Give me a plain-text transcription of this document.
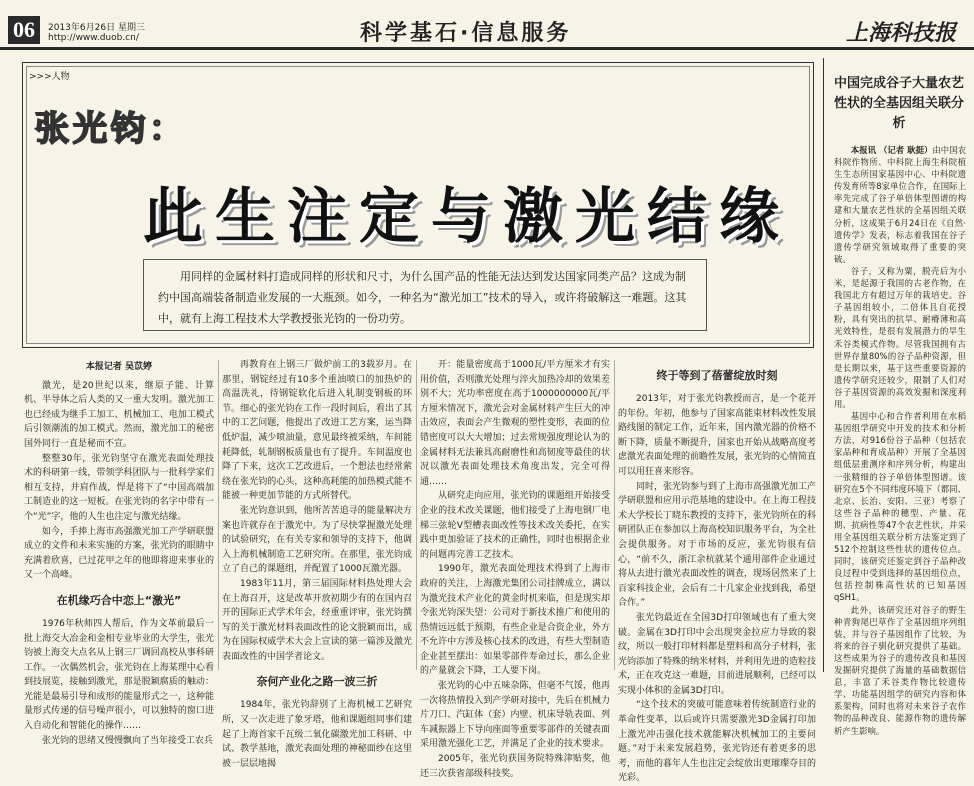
06	2013年6月26日 星期三
http://www.duob.cn/	科学基石·信息服务	上海科技报
>>>人物
张光钧：
此生注定与激光结缘
用同样的金属材料打造成同样的形状和尺寸，为什么国产品的性能无法达到发达国家同类产品？这成为制约中国高端装备制造业发展的一大瓶颈。如今，一种名为“激光加工”技术的导入，或许将破解这一难题。这其中，就有上海工程技术大学教授张光钧的一份功劳。
本报记者 吴苡婷

激光，是20世纪以来，继原子能、计算机、半导体之后人类的又一重大发明。激光加工也已经成为继手工加工、机械加工、电加工模式后引领潮流的加工模式。然而，激光加工的秘密国外同行一直是秘而不宣。

整整30年，张光钧坚守在激光表面处理技术的科研第一线，带领学科团队与一批科学家们相互支持，并肩作战，悍是将下了“中国高端加工制造业的这一短板。在张光钧的名字中带有一个“光”字，他的人生也注定与激光结缘。

如今，手捧上海市高强激光加工产学研联盟成立的文件和未来实施的方案，张光钧的眼睛中充满着欣喜，已过花甲之年的他即将迎来事业的又一个高峰。

在机缘巧合中恋上“激光”

1976年秋师四人帮后，作为文革前最后一批上海交大冶金和金相专业毕业的大学生，张光钧被上海交大点名从上钢三厂调回高校从事科研工作。一次偶然机会，张光钧在上海某理中心看到技展览，接触到激光，那是脱颖腐质的触动：光能是最易引导和成形的能量形式之一，这种能量形式传递的信号噪声很小，可以独特的窗口进入自动化和智能化的操作……

张光钧的思绪又慢慢飘向了当年接受工农兵

再教育在上钢三厂做炉前工的3载岁月。在那里，钢锭经过有10多个重油喷口的加热炉的高温洗礼，待钢锭软化后进入轧制变钢板的环节。细心的张光钧在工作一段时间后，看出了其中的工艺问题，他提出了改进工艺方案，运当降低炉温，减少喷油量，意见最终被采纳，车间能耗降低，轧制钢板质量也有了提升。车间温度也降了下来，这次工艺改进后，一个想法也经常萦绕在张光钧的心头，这种高耗能的加热模式能不能被一种更加节能的方式所替代。

张光钧意识到，他所苦苦追寻的能量解决方案也许就存在于激光中。为了尽快掌握激光处理的试验研究，在有关专家和领导的支持下，他调入上海机械制造工艺研究所。在那里，张光钧成立了自己的课题组，并配置了1000瓦激光器。

1983年11月，第三届国际材料热处理大会在上海召开，这是改革开放初期少有的在国内召开的国际正式学术年会，经重重评审，张光钧撰写的关于激光材料表面改性的论文脱颖而出，成为在国际权威学术大会上宣读的第一篇涉及激光表面改性的中国学者论文。

奈何产业化之路一波三折

1984年，张光钧辞别了上海机械工艺研究所，又一次走进了象牙塔，他和课题组同事们建起了上海首家千瓦级二氧化碳激光加工科研、中试、教学基地，激光表面处理的神秘面纱在这里被一层层地揭

开：能量密度高于1000瓦/平方厘米才有实用价值，否则激光处理与淬火加热冷却的效果差别不大；光功率密度在高于1000000000瓦/平方厘米情况下，激光会对金属材料产生巨大的冲击效应，表面会产生微观的塑性变形，表面的位错密度可以大大增加；过去常规强度理论认为的金属材料无法兼具高耐磨性和高韧度等最佳的状况以激光表面处理技术角度出发，完全可得通……

从研究走向应用，张光钧的课题组开始接受企业的技术改关课题，他们接受了上海电钢厂电梯三弦轮V型槽表面改性等技术改关委托，在实践中更加验证了技术的正确性，同时也根据企业的问题再完善工艺技术。

1990年，激光表面处理技术得到了上海市政府的关注，上海激光集团公司挂牌成立，满以为激光技术产业化的黄金时机来临，但是现实却令张光钧深失望：公司对于新技术推广和使用的热情远远低于预期，有些企业是合资企业，外方不允许中方涉及核心技术的改进，有些大型制造企业甚至摆出：如果零部件寿命过长，那么企业的产量就会下降，工人要下岗。

张光钧的心中五味杂陈，但毫不气馁，他再一次将热情投入到产学研对接中，先后在机械力片刀口、汽缸体（套）内壁、机床导轨表面、列车减振器上下导向座面等重要零部件的关键表面采用激光强化工艺，并满足了企业的技术要求。

2005年，张光钧获国务院特殊津贴奖，他还三次获省部级科技奖。

终于等到了蓓蕾绽放时刻

2013年，对于张光钧教授而言，是一个花开的年份。年初，他参与了国家高能束材料改性发展路线图的制定工作，近年来，国内激光器的价格不断下降，质量不断提升，国家也开始从战略高度考虑激光表面处理的前瞻性发展，张光钧的心情简直可以用狂喜来形容。

同时，张光钧参与到了上海市高强激光加工产学研联盟和应用示范基地的建设中。在上海工程技术大学校长丁晓东教授的支持下，张光钧所在的科研团队正在参加以上海高校知识服务平台，为全社会提供服务。对于市场的反应，张光钧很有信心，“前不久，浙江余杭就某个通用部件企业通过将从去进行激光表面改性的调查，现场居然来了上百家科技企业，会后有二十几家企业找到我，希望合作。”

张光钧最近在全国3D打印领域也有了重大突破。金属在3D打印中会出现突金拉应力导致的裂纹，所以一般打印材料都是塑料和高分子材料，张光钧添加了特殊的纳米材料，并利用先进的造粒技术，正在攻克这一难题，目前进展顺利，已经可以实现小体积的金属3D打印。

“这个技术的突破可能意味着传统制造行业的革命性变革，以后或许只需要激光3D金属打印加上激光冲击强化技术就能解决机械加工的主要问题。”对于未来发展趋势，张光钧还有着更多的思考，而他的暮年人生也注定会绽放出更璀璨夺目的光彩。

中国完成谷子大量农艺性状的全基因组关联分析

本报讯 （记者 耿挺）由中国农科院作物所、中科院上海生科院植生生态所国家基因中心、中科院遗传发育所等8家单位合作，在国际上率先完成了谷子单倍体型图谱的构建和大量农艺性状的全基因组关联分析，这成果于6月24日在《自然·遗传学》发表，标志着我国在谷子遗传学研究领域取得了重要的突破。

谷子，又称为粟，脱壳后为小米，是起源于我国的古老作物，在我国北方有超过万年的栽培史。谷子基因组较小，二倍体且自花授粉，具有突出的抗旱、耐瘠薄和高光效特性，是很有发展潜力的旱生禾谷类模式作物。尽管我国拥有古世界存量80%的谷子品种资源，但是长期以来，基于这些重要资源的遗传学研究还较少，限制了人们对谷子基因资源的高效发掘和深度利用。

基因中心和合作者利用在水稻基因组学研究中开发的技术和分析方法，对916份谷子品种（包括农家品种和育成品种）开展了全基因组低层重测序和序列分析，构建出一张精细的谷子单倍体型图谱。该研究在5个不同纬度环境下（都同、北京、长治、安阳、三亚）考察了这些谷子品种的穗型、产量、花期、抗病性等47个农艺性状，并采用全基因组关联分析方法鉴定到了512个控制这些性状的遗传位点。同时，该研究还鉴定到谷子品种改良过程中受到选择的基因组位点，包括控制株高性状的已知基因qSH1。

此外，该研究还对谷子的野生种青狗尾巴草作了全基因组序列组装，并与谷子基因组作了比较，为将来的谷子驯化研究提供了基础。这些成果为谷子的遗传改良和基因发掘研究提供了海量的基础数据信息，丰富了禾谷类作物比较遗传学、功能基因组学的研究内容和体系架构，同时也将对未来谷子农作物的品种改良、能源作物的遗传解析产生影响。
